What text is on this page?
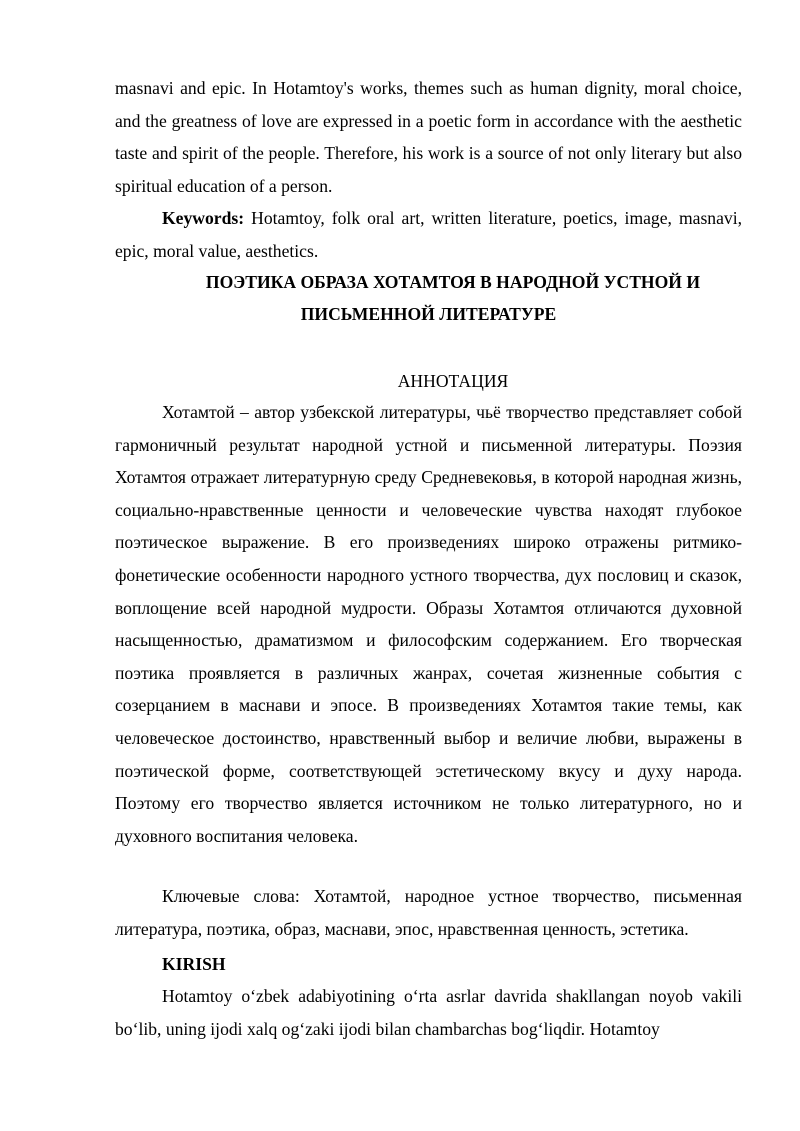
masnavi and epic. In Hotamtoy's works, themes such as human dignity, moral choice, and the greatness of love are expressed in a poetic form in accordance with the aesthetic taste and spirit of the people. Therefore, his work is a source of not only literary but also spiritual education of a person.

Keywords: Hotamtoy, folk oral art, written literature, poetics, image, masnavi, epic, moral value, aesthetics.

ПОЭТИКА ОБРАЗА ХОТАМТОЯ В НАРОДНОЙ УСТНОЙ И

ПИСЬМЕННОЙ ЛИТЕРАТУРЕ

АННОТАЦИЯ

Хотамтой – автор узбекской литературы, чьё творчество представляет собой гармоничный результат народной устной и письменной литературы. Поэзия Хотамтоя отражает литературную среду Средневековья, в которой народная жизнь, социально-нравственные ценности и человеческие чувства находят глубокое поэтическое выражение. В его произведениях широко отражены ритмико-фонетические особенности народного устного творчества, дух пословиц и сказок, воплощение всей народной мудрости. Образы Хотамтоя отличаются духовной насыщенностью, драматизмом и философским содержанием. Его творческая поэтика проявляется в различных жанрах, сочетая жизненные события с созерцанием в маснави и эпосе. В произведениях Хотамтоя такие темы, как человеческое достоинство, нравственный выбор и величие любви, выражены в поэтической форме, соответствующей эстетическому вкусу и духу народа. Поэтому его творчество является источником не только литературного, но и духовного воспитания человека.

Ключевые слова: Хотамтой, народное устное творчество, письменная литература, поэтика, образ, маснави, эпос, нравственная ценность, эстетика.

KIRISH

Hotamtoy o‘zbek adabiyotining o‘rta asrlar davrida shakllangan noyob vakili bo‘lib, uning ijodi xalq og‘zaki ijodi bilan chambarchas bog‘liqdir. Hotamtoy
